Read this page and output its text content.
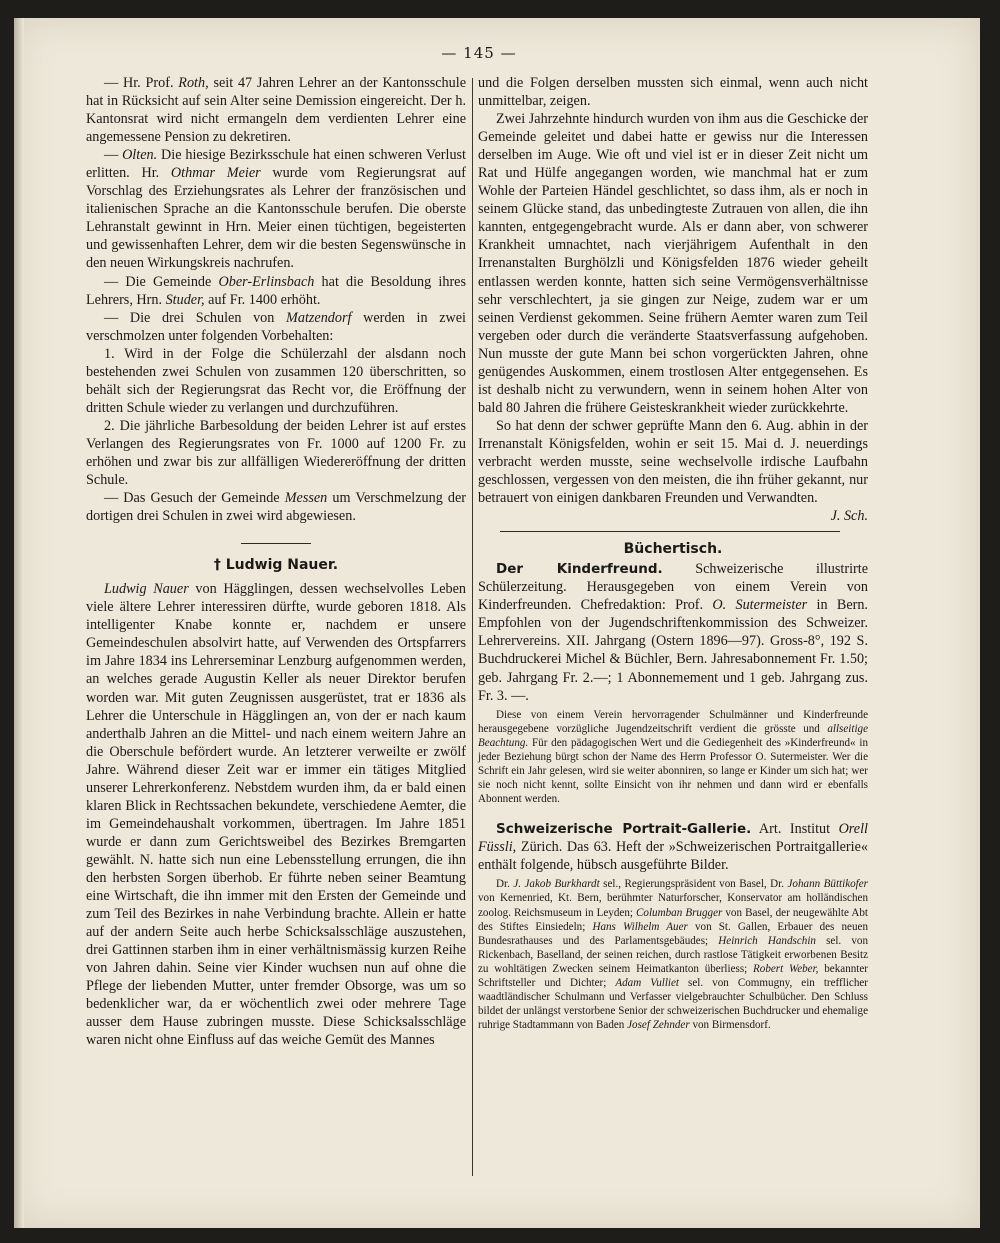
— 145 —

— Hr. Prof. Roth, seit 47 Jahren Lehrer an der Kantonsschule hat in Rücksicht auf sein Alter seine Demission eingereicht. Der h. Kantonsrat wird nicht ermangeln dem verdienten Lehrer eine angemessene Pension zu dekretiren.

— Olten. Die hiesige Bezirksschule hat einen schweren Verlust erlitten. Hr. Othmar Meier wurde vom Regierungsrat auf Vorschlag des Erziehungsrates als Lehrer der französischen und italienischen Sprache an die Kantonsschule berufen. Die oberste Lehranstalt gewinnt in Hrn. Meier einen tüchtigen, begeisterten und gewissenhaften Lehrer, dem wir die besten Segenswünsche in den neuen Wirkungskreis nachrufen.

— Die Gemeinde Ober-Erlinsbach hat die Besoldung ihres Lehrers, Hrn. Studer, auf Fr. 1400 erhöht.

— Die drei Schulen von Matzendorf werden in zwei verschmolzen unter folgenden Vorbehalten:

1. Wird in der Folge die Schülerzahl der alsdann noch bestehenden zwei Schulen von zusammen 120 überschritten, so behält sich der Regierungsrat das Recht vor, die Eröffnung der dritten Schule wieder zu verlangen und durchzuführen.

2. Die jährliche Barbesoldung der beiden Lehrer ist auf erstes Verlangen des Regierungsrates von Fr. 1000 auf 1200 Fr. zu erhöhen und zwar bis zur allfälligen Wiedereröffnung der dritten Schule.

— Das Gesuch der Gemeinde Messen um Verschmelzung der dortigen drei Schulen in zwei wird abgewiesen.

† Ludwig Nauer.

Ludwig Nauer von Hägglingen, dessen wechselvolles Leben viele ältere Lehrer interessiren dürfte, wurde geboren 1818. Als intelligenter Knabe konnte er, nachdem er unsere Gemeindeschulen absolvirt hatte, auf Verwenden des Ortspfarrers im Jahre 1834 ins Lehrerseminar Lenzburg aufgenommen werden, an welches gerade Augustin Keller als neuer Direktor berufen worden war. Mit guten Zeugnissen ausgerüstet, trat er 1836 als Lehrer die Unterschule in Hägglingen an, von der er nach kaum anderthalb Jahren an die Mittel- und nach einem weitern Jahre an die Oberschule befördert wurde. An letzterer verweilte er zwölf Jahre. Während dieser Zeit war er immer ein tätiges Mitglied unserer Lehrerkonferenz. Nebstdem wurden ihm, da er bald einen klaren Blick in Rechtssachen bekundete, verschiedene Aemter, die im Gemeindehaushalt vorkommen, übertragen. Im Jahre 1851 wurde er dann zum Gerichtsweibel des Bezirkes Bremgarten gewählt. N. hatte sich nun eine Lebensstellung errungen, die ihn den herbsten Sorgen überhob. Er führte neben seiner Beamtung eine Wirtschaft, die ihn immer mit den Ersten der Gemeinde und zum Teil des Bezirkes in nahe Verbindung brachte. Allein er hatte auf der andern Seite auch herbe Schicksalsschläge auszustehen, drei Gattinnen starben ihm in einer verhältnismässig kurzen Reihe von Jahren dahin. Seine vier Kinder wuchsen nun auf ohne die Pflege der liebenden Mutter, unter fremder Obsorge, was um so bedenklicher war, da er wöchentlich zwei oder mehrere Tage ausser dem Hause zubringen musste. Diese Schicksalsschläge waren nicht ohne Einfluss auf das weiche Gemüt des Mannes

und die Folgen derselben mussten sich einmal, wenn auch nicht unmittelbar, zeigen.

Zwei Jahrzehnte hindurch wurden von ihm aus die Geschicke der Gemeinde geleitet und dabei hatte er gewiss nur die Interessen derselben im Auge. Wie oft und viel ist er in dieser Zeit nicht um Rat und Hülfe angegangen worden, wie manchmal hat er zum Wohle der Parteien Händel geschlichtet, so dass ihm, als er noch in seinem Glücke stand, das unbedingteste Zutrauen von allen, die ihn kannten, entgegengebracht wurde. Als er dann aber, von schwerer Krankheit umnachtet, nach vierjährigem Aufenthalt in den Irrenanstalten Burghölzli und Königsfelden 1876 wieder geheilt entlassen werden konnte, hatten sich seine Vermögensverhältnisse sehr verschlechtert, ja sie gingen zur Neige, zudem war er um seinen Verdienst gekommen. Seine frühern Aemter waren zum Teil vergeben oder durch die veränderte Staatsverfassung aufgehoben. Nun musste der gute Mann bei schon vorgerückten Jahren, ohne genügendes Auskommen, einem trostlosen Alter entgegensehen. Es ist deshalb nicht zu verwundern, wenn in seinem hohen Alter von bald 80 Jahren die frühere Geisteskrankheit wieder zurückkehrte.

So hat denn der schwer geprüfte Mann den 6. Aug. abhin in der Irrenanstalt Königsfelden, wohin er seit 15. Mai d. J. neuerdings verbracht werden musste, seine wechselvolle irdische Laufbahn geschlossen, vergessen von den meisten, die ihn früher gekannt, nur betrauert von einigen dankbaren Freunden und Verwandten.

J. Sch.
Büchertisch.

Der Kinderfreund. Schweizerische illustrirte Schülerzeitung. Herausgegeben von einem Verein von Kinderfreunden. Chefredaktion: Prof. O. Sutermeister in Bern. Empfohlen von der Jugendschriftenkommission des Schweizer. Lehrervereins. XII. Jahrgang (Ostern 1896—97). Gross-8°, 192 S. Buchdruckerei Michel & Büchler, Bern. Jahresabonnement Fr. 1.50; geb. Jahrgang Fr. 2.—; 1 Abonnemement und 1 geb. Jahrgang zus. Fr. 3. —.

Diese von einem Verein hervorragender Schulmänner und Kinderfreunde herausgegebene vorzügliche Jugendzeitschrift verdient die grösste und allseitige Beachtung. Für den pädagogischen Wert und die Gediegenheit des »Kinderfreund« in jeder Beziehung bürgt schon der Name des Herrn Professor O. Sutermeister. Wer die Schrift ein Jahr gelesen, wird sie weiter abonniren, so lange er Kinder um sich hat; wer sie noch nicht kennt, sollte Einsicht von ihr nehmen und dann wird er ebenfalls Abonnent werden.

Schweizerische Portrait-Gallerie. Art. Institut Orell Füssli, Zürich. Das 63. Heft der »Schweizerischen Portraitgallerie« enthält folgende, hübsch ausgeführte Bilder.

Dr. J. Jakob Burkhardt sel., Regierungspräsident von Basel, Dr. Johann Büttikofer von Kernenried, Kt. Bern, berühmter Naturforscher, Konservator am holländischen zoolog. Reichsmuseum in Leyden; Columban Brugger von Basel, der neugewählte Abt des Stiftes Einsiedeln; Hans Wilhelm Auer von St. Gallen, Erbauer des neuen Bundesrathauses und des Parlamentsgebäudes; Heinrich Handschin sel. von Rickenbach, Baselland, der seinen reichen, durch rastlose Tätigkeit erworbenen Besitz zu wohltätigen Zwecken seinem Heimatkanton überliess; Robert Weber, bekannter Schriftsteller und Dichter; Adam Vulliet sel. von Commugny, ein trefflicher waadtländischer Schulmann und Verfasser vielgebrauchter Schulbücher. Den Schluss bildet der unlängst verstorbene Senior der schweizerischen Buchdrucker und ehemalige ruhrige Stadtammann von Baden Josef Zehnder von Birmensdorf.
